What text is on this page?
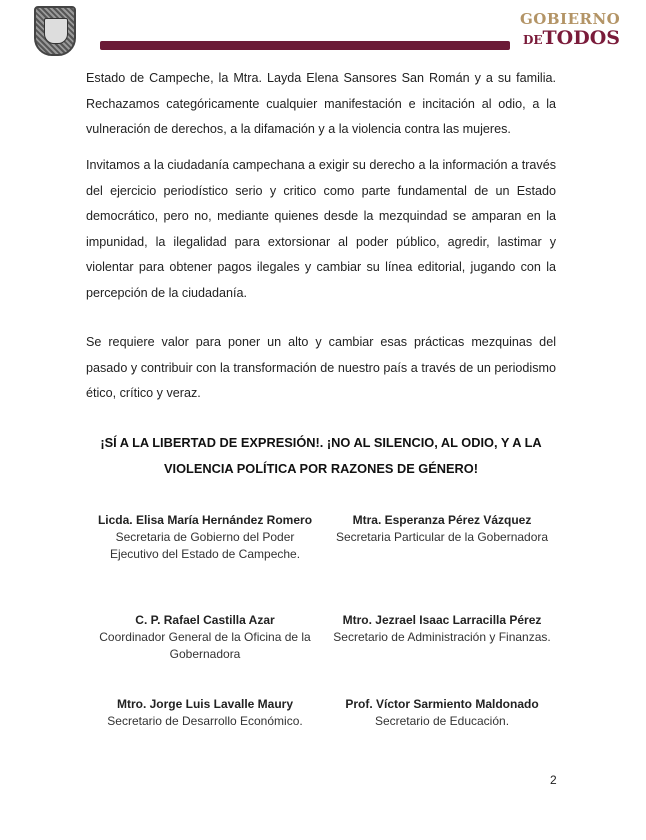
GOBIERNO
DETODOS

Estado de Campeche, la Mtra. Layda Elena Sansores San Román y a su familia. Rechazamos categóricamente cualquier manifestación e incitación al odio, a la vulneración de derechos, a la difamación y a la violencia contra las mujeres.

Invitamos a la ciudadanía campechana a exigir su derecho a la información a través del ejercicio periodístico serio y critico como parte fundamental de un Estado democrático, pero no, mediante quienes desde la mezquindad se amparan en la impunidad, la ilegalidad para extorsionar al poder público, agredir, lastimar y violentar para obtener pagos ilegales y cambiar su línea editorial, jugando con la percepción de la ciudadanía.

Se requiere valor para poner un alto y cambiar esas prácticas mezquinas del pasado y contribuir con la transformación de nuestro país a través de un periodismo ético, crítico y veraz.

¡SÍ A LA LIBERTAD DE EXPRESIÓN!. ¡NO AL SILENCIO, AL ODIO, Y A LA VIOLENCIA POLÍTICA POR RAZONES DE GÉNERO!

Licda. Elisa María Hernández Romero
Secretaria de Gobierno del Poder Ejecutivo del Estado de Campeche.
Mtra. Esperanza Pérez Vázquez
Secretaria Particular de la Gobernadora
C. P. Rafael Castilla Azar
Coordinador General de la Oficina de la Gobernadora
Mtro. Jezrael Isaac Larracilla Pérez
Secretario de Administración y Finanzas.
Mtro. Jorge Luis Lavalle Maury
Secretario de Desarrollo Económico.
Prof. Víctor Sarmiento Maldonado
Secretario de Educación.
2
